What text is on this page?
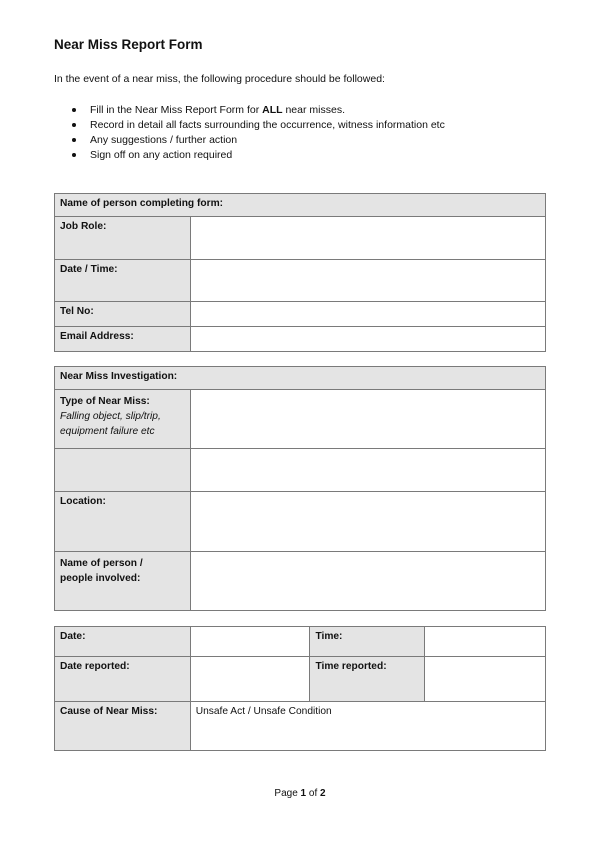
Near Miss Report Form
In the event of a near miss, the following procedure should be followed:
Fill in the Near Miss Report Form for ALL near misses.
Record in detail all facts surrounding the occurrence, witness information etc
Any suggestions / further action
Sign off on any action required
Name of person completing form:	
Job Role:	
Date / Time:	
Tel No:	
Email Address:	
Near Miss Investigation:	

Type of Near Miss:
Falling object, slip/trip,
equipment failure etc	

Location:	

Name of person /
people involved:	

Date:		Time:	
Date reported:		Time reported:	
Cause of Near Miss:	Unsafe Act / Unsafe Condition		
Page 1 of 2
